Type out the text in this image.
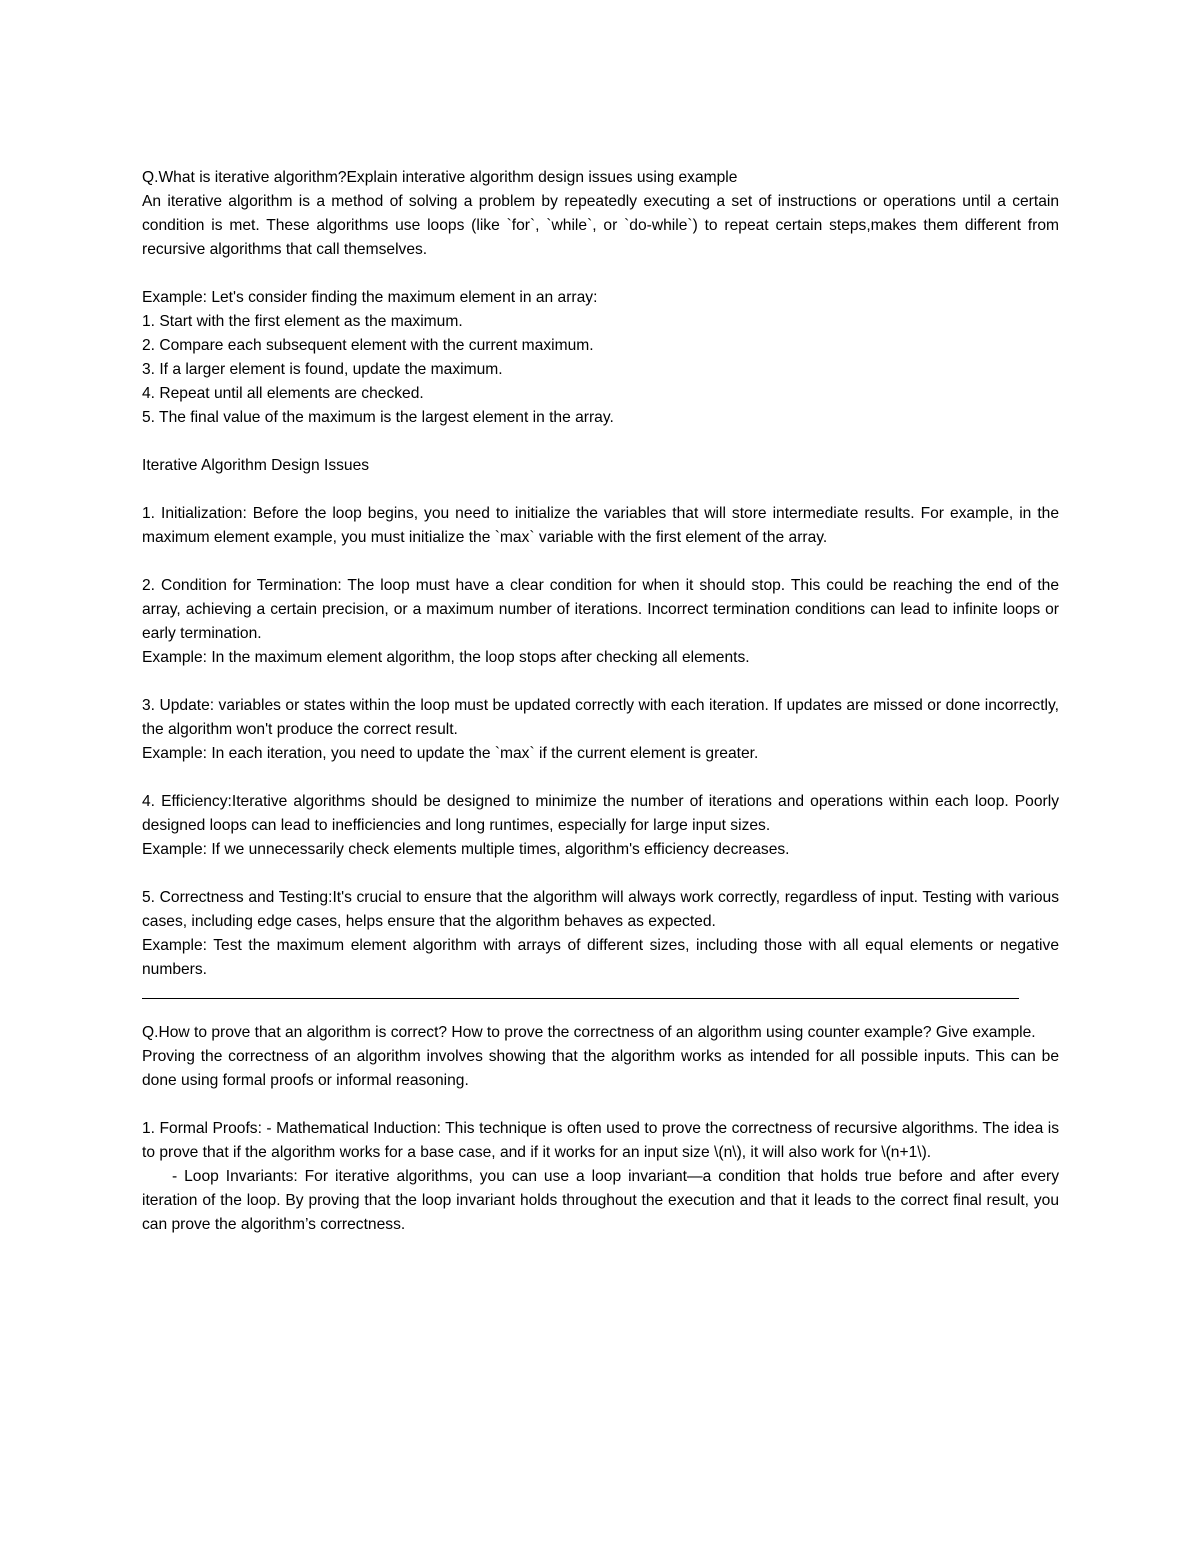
Q.What is iterative algorithm?Explain interative algorithm design issues using example

An iterative algorithm is a method of solving a problem by repeatedly executing a set of instructions or operations until a certain condition is met. These algorithms use loops (like `for`, `while`, or `do-while`) to repeat certain steps,makes them different from recursive algorithms that call themselves.

Example: Let's consider finding the maximum element in an array:

1. Start with the first element as the maximum.

2. Compare each subsequent element with the current maximum.

3. If a larger element is found, update the maximum.

4. Repeat until all elements are checked.

5. The final value of the maximum is the largest element in the array.

Iterative Algorithm Design Issues

1. Initialization: Before the loop begins, you need to initialize the variables that will store intermediate results. For example, in the maximum element example, you must initialize the `max` variable with the first element of the array.

2. Condition for Termination: The loop must have a clear condition for when it should stop. This could be reaching the end of the array, achieving a certain precision, or a maximum number of iterations. Incorrect termination conditions can lead to infinite loops or early termination.

Example: In the maximum element algorithm, the loop stops after checking all elements.

3. Update: variables or states within the loop must be updated correctly with each iteration. If updates are missed or done incorrectly, the algorithm won't produce the correct result.

Example: In each iteration, you need to update the `max` if the current element is greater.

4. Efficiency:Iterative algorithms should be designed to minimize the number of iterations and operations within each loop. Poorly designed loops can lead to inefficiencies and long runtimes, especially for large input sizes.

Example: If we unnecessarily check elements multiple times, algorithm's efficiency decreases.

5. Correctness and Testing:It's crucial to ensure that the algorithm will always work correctly, regardless of input. Testing with various cases, including edge cases, helps ensure that the algorithm behaves as expected.

Example: Test the maximum element algorithm with arrays of different sizes, including those with all equal elements or negative numbers.

Q.How to prove that an algorithm is correct? How to prove the correctness of an algorithm using counter example? Give example.

Proving the correctness of an algorithm involves showing that the algorithm works as intended for all possible inputs. This can be done using formal proofs or informal reasoning.

1. Formal Proofs: - Mathematical Induction: This technique is often used to prove the correctness of recursive algorithms. The idea is to prove that if the algorithm works for a base case, and if it works for an input size \(n\), it will also work for \(n+1\).

- Loop Invariants: For iterative algorithms, you can use a loop invariant—a condition that holds true before and after every iteration of the loop. By proving that the loop invariant holds throughout the execution and that it leads to the correct final result, you can prove the algorithm’s correctness.
